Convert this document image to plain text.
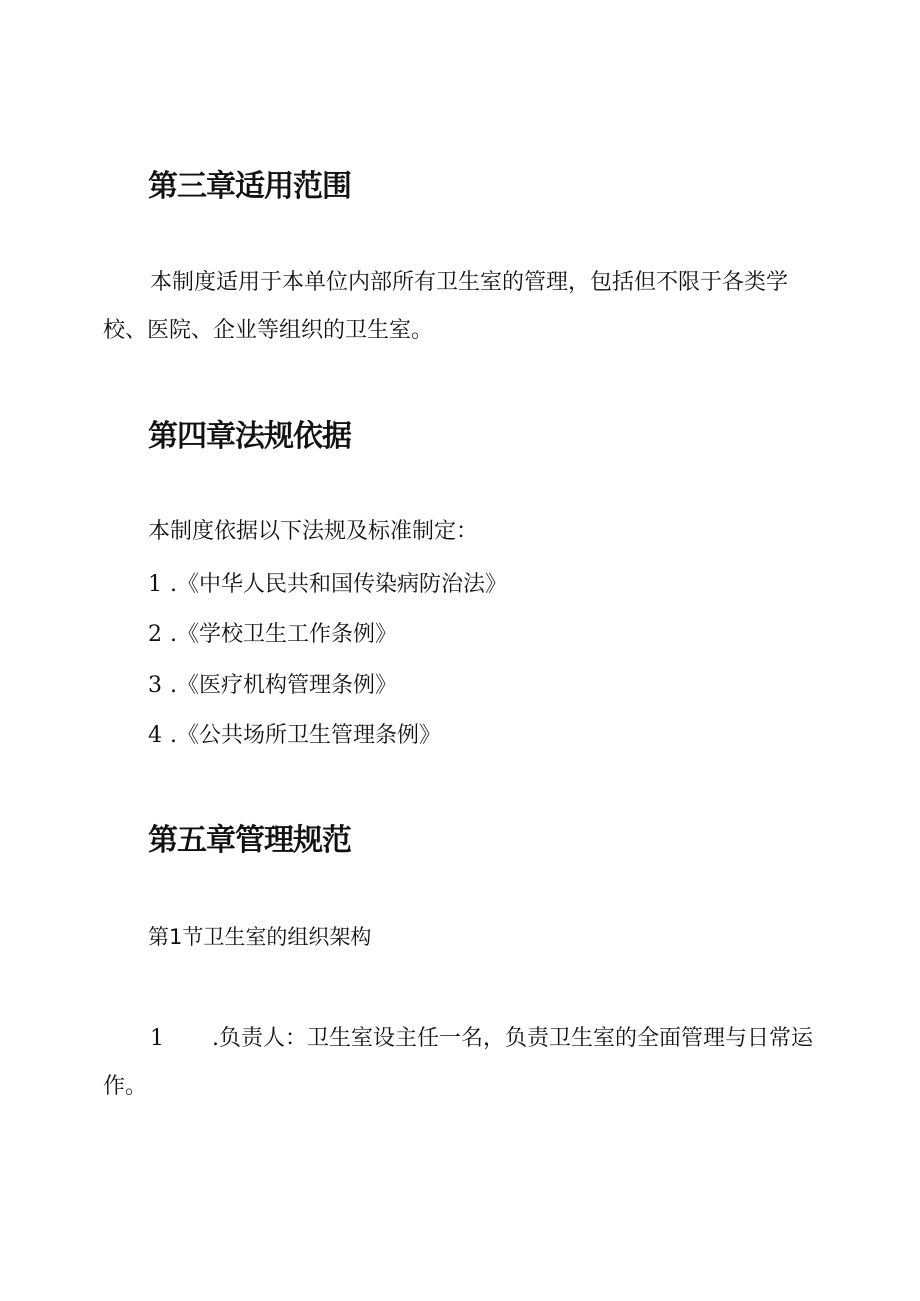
第三章适用范围
本制度适用于本单位内部所有卫生室的管理，包括但不限于各类学
校、医院、企业等组织的卫生室。
第四章法规依据
本制度依据以下法规及标准制定：
1 .《中华人民共和国传染病防治法》
2 .《学校卫生工作条例》
3 .《医疗机构管理条例》
4 .《公共场所卫生管理条例》
第五章管理规范
第1节卫生室的组织架构
1 .负责人：卫生室设主任一名，负责卫生室的全面管理与日常运
作。
